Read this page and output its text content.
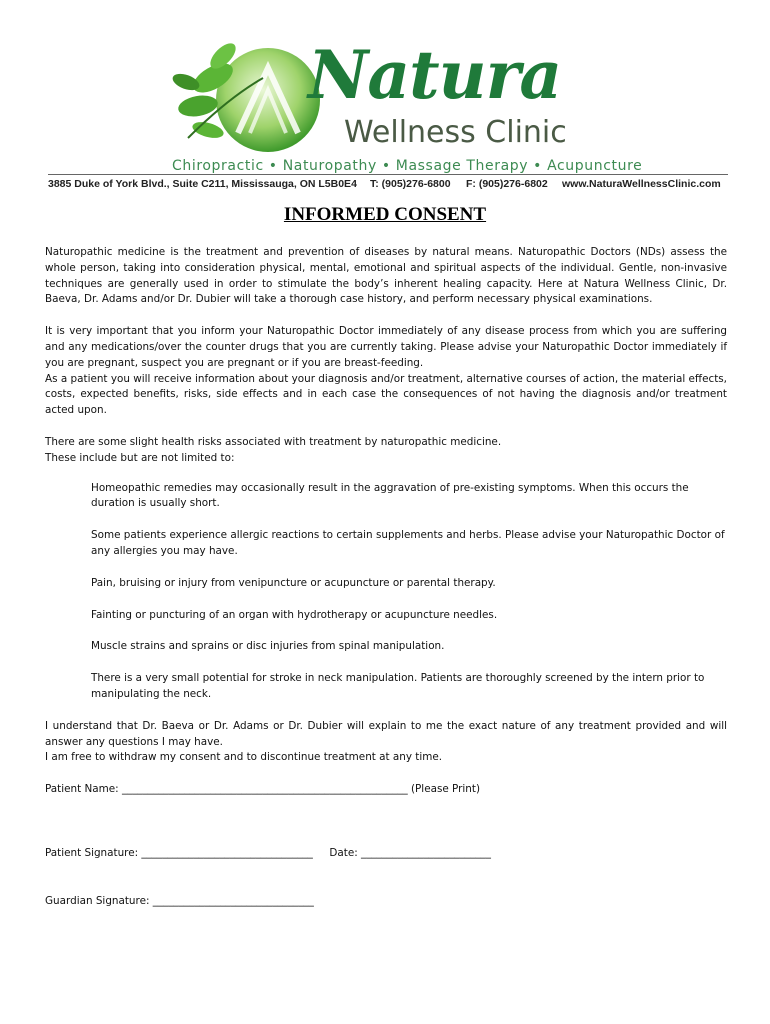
Natura
Wellness Clinic
Chiropractic • Naturopathy • Massage Therapy • Acupuncture
3885 Duke of York Blvd., Suite C211, Mississauga, ON L5B0E4	T: (905)276-6800	F: (905)276-6802	www.NaturaWellnessClinic.com
INFORMED CONSENT

Naturopathic medicine is the treatment and prevention of diseases by natural means. Naturopathic Doctors (NDs) assess the whole person, taking into consideration physical, mental, emotional and spiritual aspects of the individual. Gentle, non-invasive techniques are generally used in order to stimulate the body’s inherent healing capacity. Here at Natura Wellness Clinic, Dr. Baeva, Dr. Adams and/or Dr. Dubier will take a thorough case history, and perform necessary physical examinations.

It is very important that you inform your Naturopathic Doctor immediately of any disease process from which you are suffering and any medications/over the counter drugs that you are currently taking. Please advise your Naturopathic Doctor immediately if you are pregnant, suspect you are pregnant or if you are breast-feeding.

As a patient you will receive information about your diagnosis and/or treatment, alternative courses of action, the material effects, costs, expected benefits, risks, side effects and in each case the consequences of not having the diagnosis and/or treatment acted upon.

There are some slight health risks associated with treatment by naturopathic medicine.

These include but are not limited to:

Homeopathic remedies may occasionally result in the aggravation of pre-existing symptoms. When this occurs the duration is usually short.

Some patients experience allergic reactions to certain supplements and herbs. Please advise your Naturopathic Doctor of any allergies you may have.

Pain, bruising or injury from venipuncture or acupuncture or parental therapy.

Fainting or puncturing of an organ with hydrotherapy or acupuncture needles.

Muscle strains and sprains or disc injuries from spinal manipulation.

There is a very small potential for stroke in neck manipulation. Patients are thoroughly screened by the intern prior to manipulating the neck.

I understand that Dr. Baeva or Dr. Adams or Dr. Dubier will explain to me the exact nature of any treatment provided and will answer any questions I may have.

I am free to withdraw my consent and to discontinue treatment at any time.

Patient Name: _______________________________________________________ (Please Print)

Patient Signature: _________________________________ Date: _________________________

Guardian Signature: _______________________________
